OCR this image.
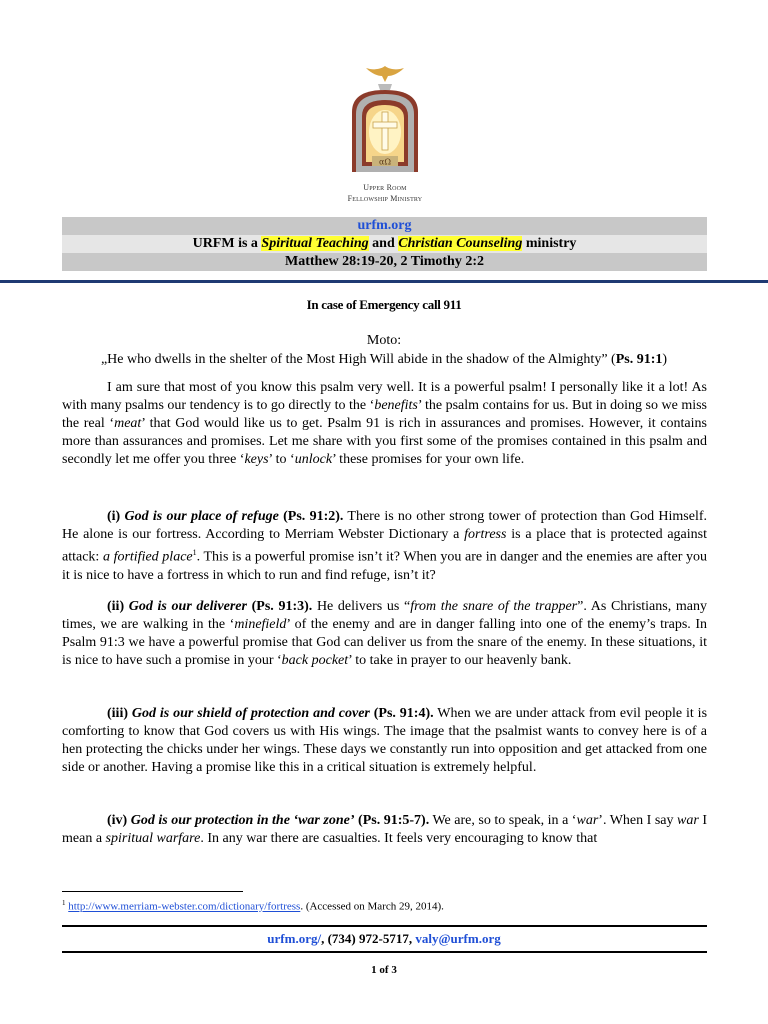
αΩ
Upper Room
Fellowship Ministry
urfm.org
URFM is a Spiritual Teaching and Christian Counseling ministry
Matthew 28:19-20, 2 Timothy 2:2
In case of Emergency call 911
Moto:
„He who dwells in the shelter of the Most High Will abide in the shadow of the Almighty” (Ps. 91:1)
I am sure that most of you know this psalm very well. It is a powerful psalm! I personally like it a lot! As with many psalms our tendency is to go directly to the ‘benefits’ the psalm contains for us. But in doing so we miss the real ‘meat’ that God would like us to get. Psalm 91 is rich in assurances and promises. However, it contains more than assurances and promises. Let me share with you first some of the promises contained in this psalm and secondly let me offer you three ‘keys’ to ‘unlock’ these promises for your own life.
(i) God is our place of refuge (Ps. 91:2). There is no other strong tower of protection than God Himself. He alone is our fortress. According to Merriam Webster Dictionary a fortress is a place that is protected against attack: a fortified place$^1$. This is a powerful promise isn’t it? When you are in danger and the enemies are after you it is nice to have a fortress in which to run and find refuge, isn’t it?
(ii) God is our deliverer (Ps. 91:3). He delivers us “from the snare of the trapper”. As Christians, many times, we are walking in the ‘minefield’ of the enemy and are in danger falling into one of the enemy’s traps. In Psalm 91:3 we have a powerful promise that God can deliver us from the snare of the enemy. In these situations, it is nice to have such a promise in your ‘back pocket’ to take in prayer to our heavenly bank.
(iii) God is our shield of protection and cover (Ps. 91:4). When we are under attack from evil people it is comforting to know that God covers us with His wings. The image that the psalmist wants to convey here is of a hen protecting the chicks under her wings. These days we constantly run into opposition and get attacked from one side or another. Having a promise like this in a critical situation is extremely helpful.
(iv) God is our protection in the ‘war zone’ (Ps. 91:5-7). We are, so to speak, in a ‘war’. When I say war I mean a spiritual warfare. In any war there are casualties. It feels very encouraging to know that
$^1$ http://www.merriam-webster.com/dictionary/fortress. (Accessed on March 29, 2014).
urfm.org/, (734) 972-5717, valy@urfm.org
1 of 3
